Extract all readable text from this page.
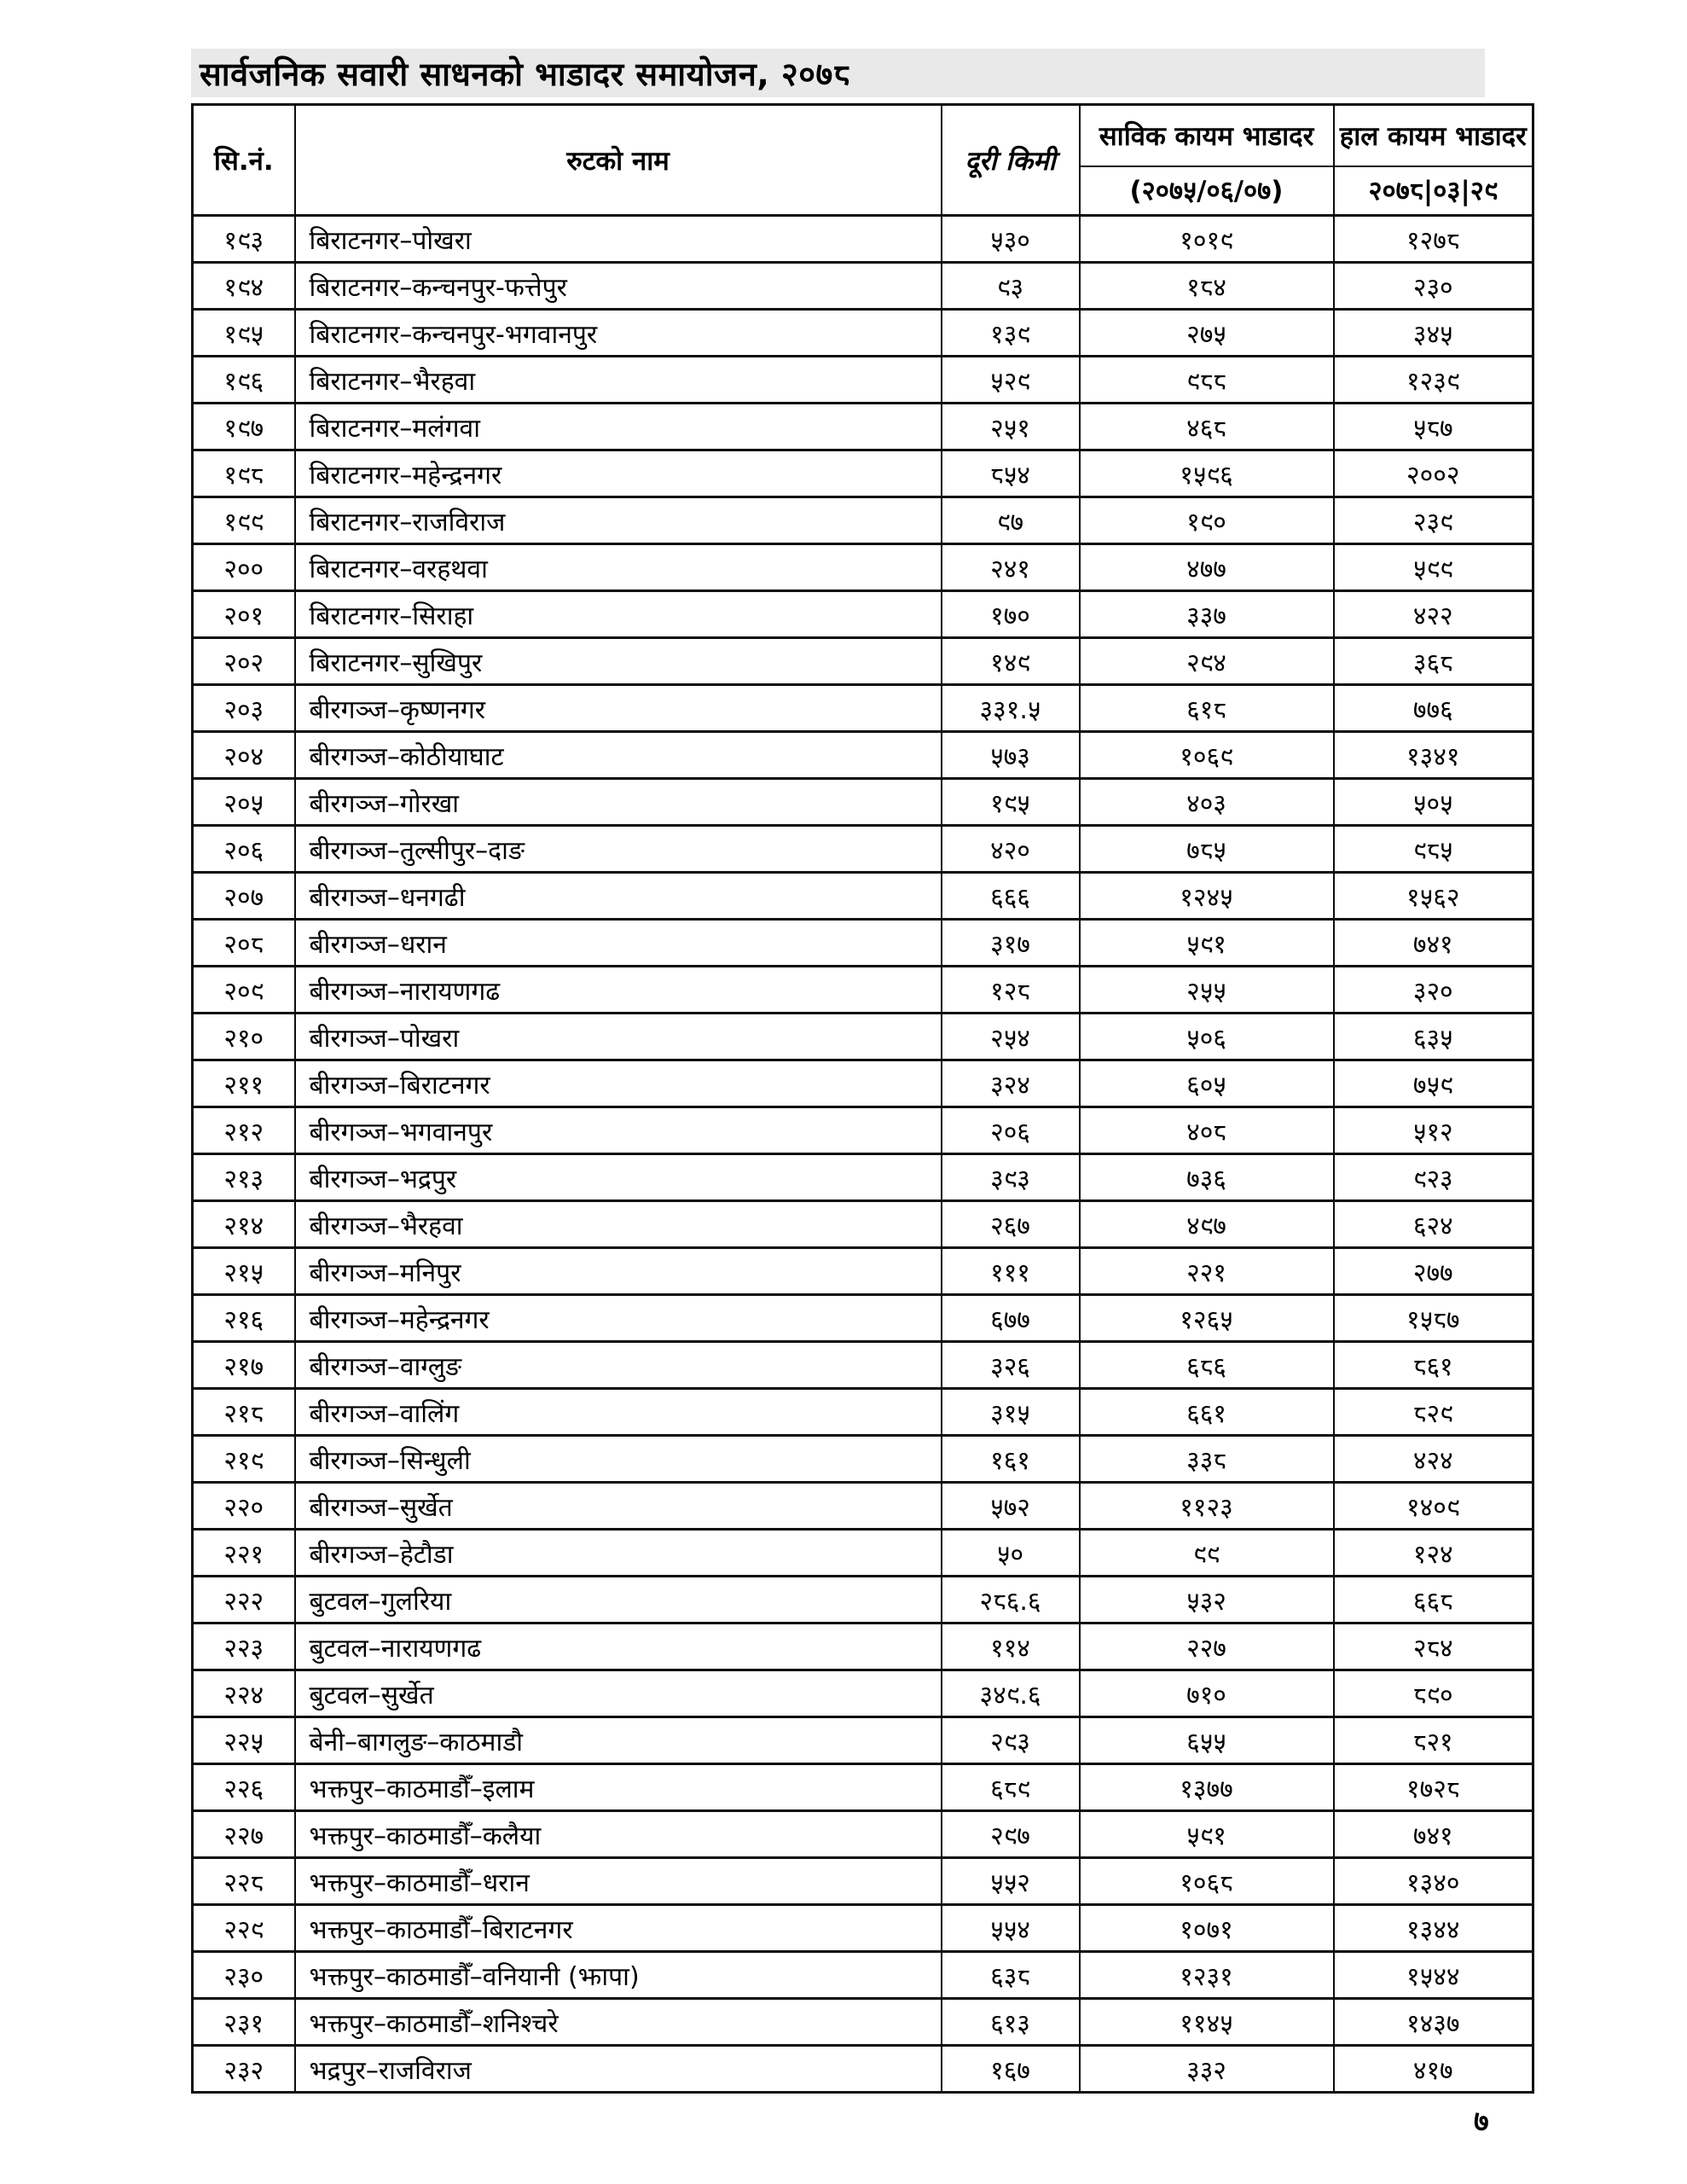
सार्वजनिक सवारी साधनको भाडादर समायोजन, २०७८
सि.नं.	रुटको नाम	दूरी किमी	साविक कायम भाडादर	हाल कायम भाडादर
			(२०७५/०६/०७)	२०७८|०३|२९
१९३	बिराटनगर–पोखरा	५३०	१०१९	१२७८
१९४	बिराटनगर–कन्चनपुर-फत्तेपुर	९३	१८४	२३०
१९५	बिराटनगर–कन्चनपुर-भगवानपुर	१३९	२७५	३४५
१९६	बिराटनगर–भैरहवा	५२९	९८८	१२३९
१९७	बिराटनगर–मलंगवा	२५१	४६८	५८७
१९८	बिराटनगर–महेन्द्रनगर	८५४	१५९६	२००२
१९९	बिराटनगर–राजविराज	९७	१९०	२३९
२००	बिराटनगर–वरहथवा	२४१	४७७	५९९
२०१	बिराटनगर–सिराहा	१७०	३३७	४२२
२०२	बिराटनगर–सुखिपुर	१४९	२९४	३६८
२०३	बीरगञ्ज–कृष्णनगर	३३१.५	६१८	७७६
२०४	बीरगञ्ज–कोठीयाघाट	५७३	१०६९	१३४१
२०५	बीरगञ्ज–गोरखा	१९५	४०३	५०५
२०६	बीरगञ्ज–तुल्सीपुर–दाङ	४२०	७८५	९८५
२०७	बीरगञ्ज–धनगढी	६६६	१२४५	१५६२
२०८	बीरगञ्ज–धरान	३१७	५९१	७४१
२०९	बीरगञ्ज–नारायणगढ	१२८	२५५	३२०
२१०	बीरगञ्ज–पोखरा	२५४	५०६	६३५
२११	बीरगञ्ज–बिराटनगर	३२४	६०५	७५९
२१२	बीरगञ्ज–भगवानपुर	२०६	४०८	५१२
२१३	बीरगञ्ज–भद्रपुर	३९३	७३६	९२३
२१४	बीरगञ्ज–भैरहवा	२६७	४९७	६२४
२१५	बीरगञ्ज–मनिपुर	१११	२२१	२७७
२१६	बीरगञ्ज–महेन्द्रनगर	६७७	१२६५	१५८७
२१७	बीरगञ्ज–वाग्लुङ	३२६	६८६	८६१
२१८	बीरगञ्ज–वालिंग	३१५	६६१	८२९
२१९	बीरगञ्ज–सिन्धुली	१६१	३३८	४२४
२२०	बीरगञ्ज–सुर्खेत	५७२	११२३	१४०९
२२१	बीरगञ्ज–हेटौडा	५०	९९	१२४
२२२	बुटवल–गुलरिया	२८६.६	५३२	६६८
२२३	बुटवल–नारायणगढ	११४	२२७	२८४
२२४	बुटवल–सुर्खेत	३४९.६	७१०	८९०
२२५	बेनी–बागलुङ–काठमाडौ	२९३	६५५	८२१
२२६	भक्तपुर–काठमाडौँ–इलाम	६८९	१३७७	१७२८
२२७	भक्तपुर–काठमाडौँ–कलैया	२९७	५९१	७४१
२२८	भक्तपुर–काठमाडौँ–धरान	५५२	१०६८	१३४०
२२९	भक्तपुर–काठमाडौँ–बिराटनगर	५५४	१०७१	१३४४
२३०	भक्तपुर–काठमाडौँ–वनियानी (झापा)	६३८	१२३१	१५४४
२३१	भक्तपुर–काठमाडौँ–शनिश्चरे	६१३	११४५	१४३७
२३२	भद्रपुर–राजविराज	१६७	३३२	४१७
७
